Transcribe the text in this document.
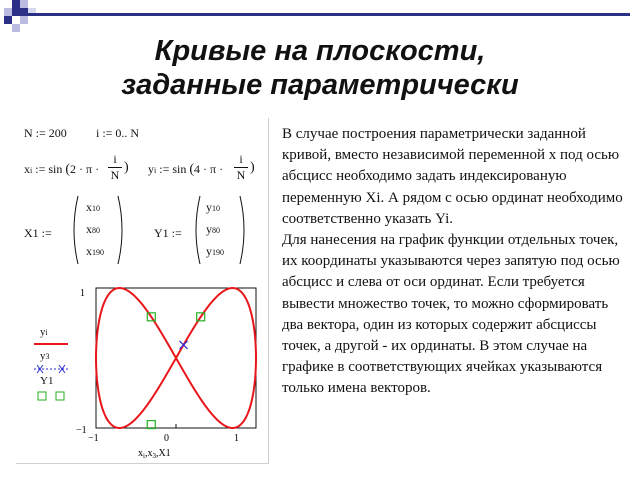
Кривые на плоскости,
заданные параметрически
N := 200 i := 0.. N
xi := $\sin (2 \cdot \pi \cdot \frac{i}{N}$ ) yi := $\sin (4 \cdot \pi \cdot \frac{i}{N}$ )
X1 :=
x10
x80
x190
Y1 :=
y10
y80
y190
yi
y3
Y1
1
−1
−1	0	1
$x_i,x_3,X1$

В случае построения параметрически заданной кривой, вместо независимой переменной x под осью абсцисс необходимо задать индексированую переменную Xi. А рядом с осью ординат необходимо соответственно указать Yi.

Для нанесения на график функции отдельных точек, их координаты указываются через запятую под осью абсцисс и слева от оси ординат. Если требуется вывести множество точек, то можно сформировать два вектора, один из которых содержит абсциссы точек, а другой - их ординаты. В этом случае на графике в соответствующих ячейках указываются только имена векторов.
